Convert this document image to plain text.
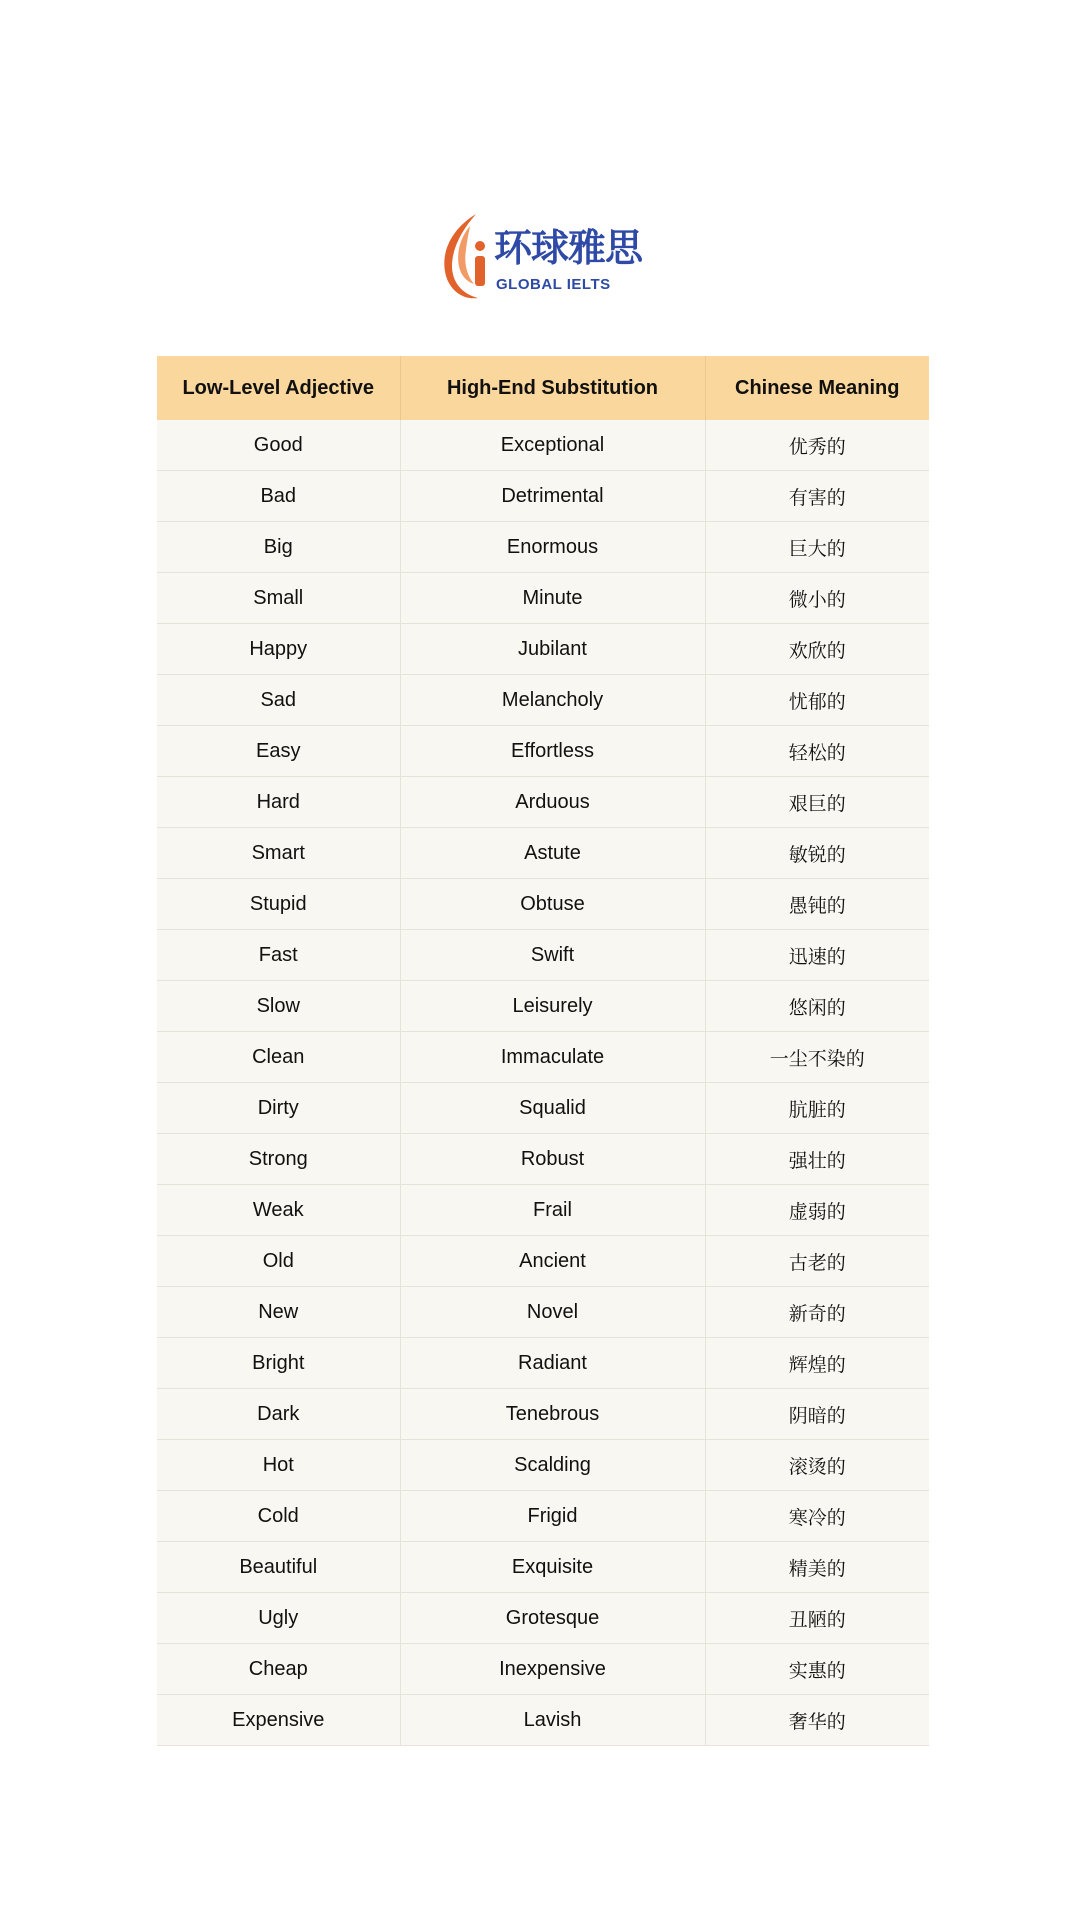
环球雅思
GLOBAL IELTS
Low-Level Adjective	High-End Substitution	Chinese Meaning
Good	Exceptional	优秀的
Bad	Detrimental	有害的
Big	Enormous	巨大的
Small	Minute	微小的
Happy	Jubilant	欢欣的
Sad	Melancholy	忧郁的
Easy	Effortless	轻松的
Hard	Arduous	艰巨的
Smart	Astute	敏锐的
Stupid	Obtuse	愚钝的
Fast	Swift	迅速的
Slow	Leisurely	悠闲的
Clean	Immaculate	一尘不染的
Dirty	Squalid	肮脏的
Strong	Robust	强壮的
Weak	Frail	虚弱的
Old	Ancient	古老的
New	Novel	新奇的
Bright	Radiant	辉煌的
Dark	Tenebrous	阴暗的
Hot	Scalding	滚烫的
Cold	Frigid	寒冷的
Beautiful	Exquisite	精美的
Ugly	Grotesque	丑陋的
Cheap	Inexpensive	实惠的
Expensive	Lavish	奢华的
